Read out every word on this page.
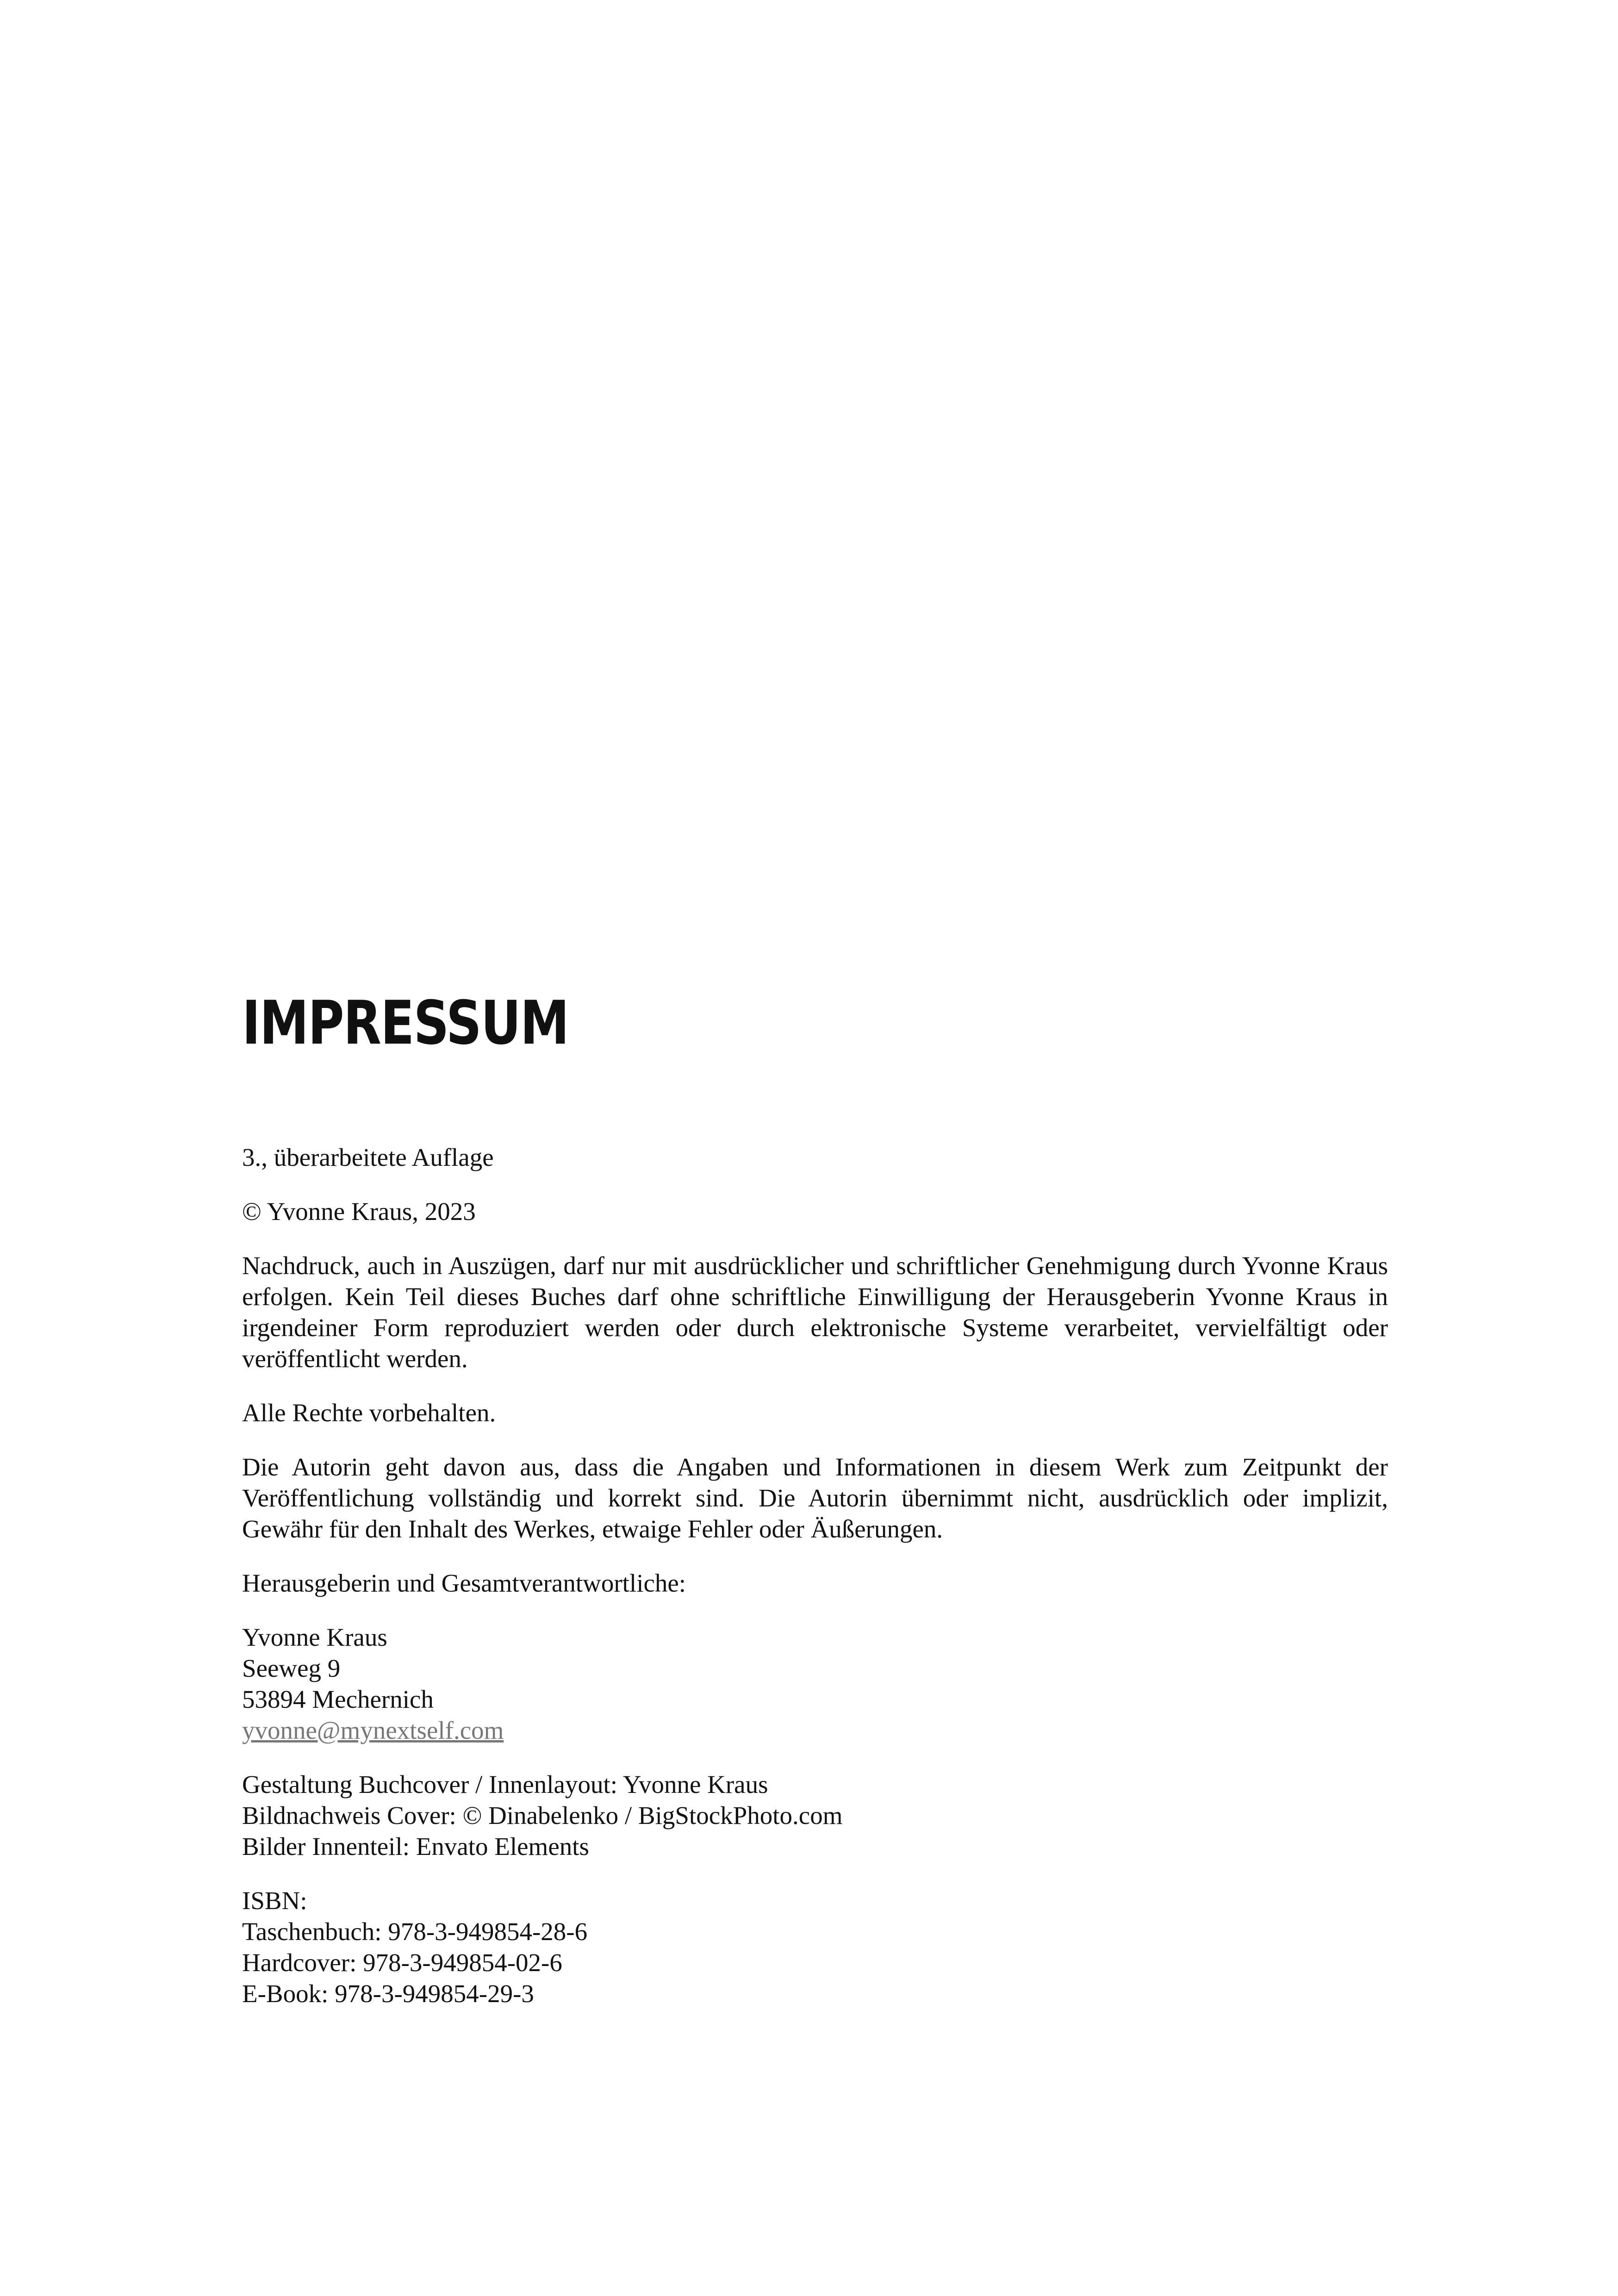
IMPRESSUM

3., überarbeitete Auflage

© Yvonne Kraus, 2023

Nachdruck, auch in Auszügen, darf nur mit ausdrücklicher und schriftlicher Genehmigung durch Yvonne Kraus erfolgen. Kein Teil dieses Buches darf ohne schriftliche Einwilligung der Herausgeberin Yvonne Kraus in irgendeiner Form reproduziert werden oder durch elektronische Systeme verarbeitet, vervielfältigt oder veröffentlicht werden.

Alle Rechte vorbehalten.

Die Autorin geht davon aus, dass die Angaben und Informationen in diesem Werk zum Zeitpunkt der Veröffentlichung vollständig und korrekt sind. Die Autorin übernimmt nicht, ausdrücklich oder implizit, Gewähr für den Inhalt des Werkes, etwaige Fehler oder Äußerungen.

Herausgeberin und Gesamtverantwortliche:

Yvonne Kraus
Seeweg 9
53894 Mechernich
yvonne@mynextself.com

Gestaltung Buchcover / Innenlayout: Yvonne Kraus
Bildnachweis Cover: © Dinabelenko / BigStockPhoto.com
Bilder Innenteil: Envato Elements

ISBN:
Taschenbuch: 978-3-949854-28-6
Hardcover: 978-3-949854-02-6
E-Book: 978-3-949854-29-3
